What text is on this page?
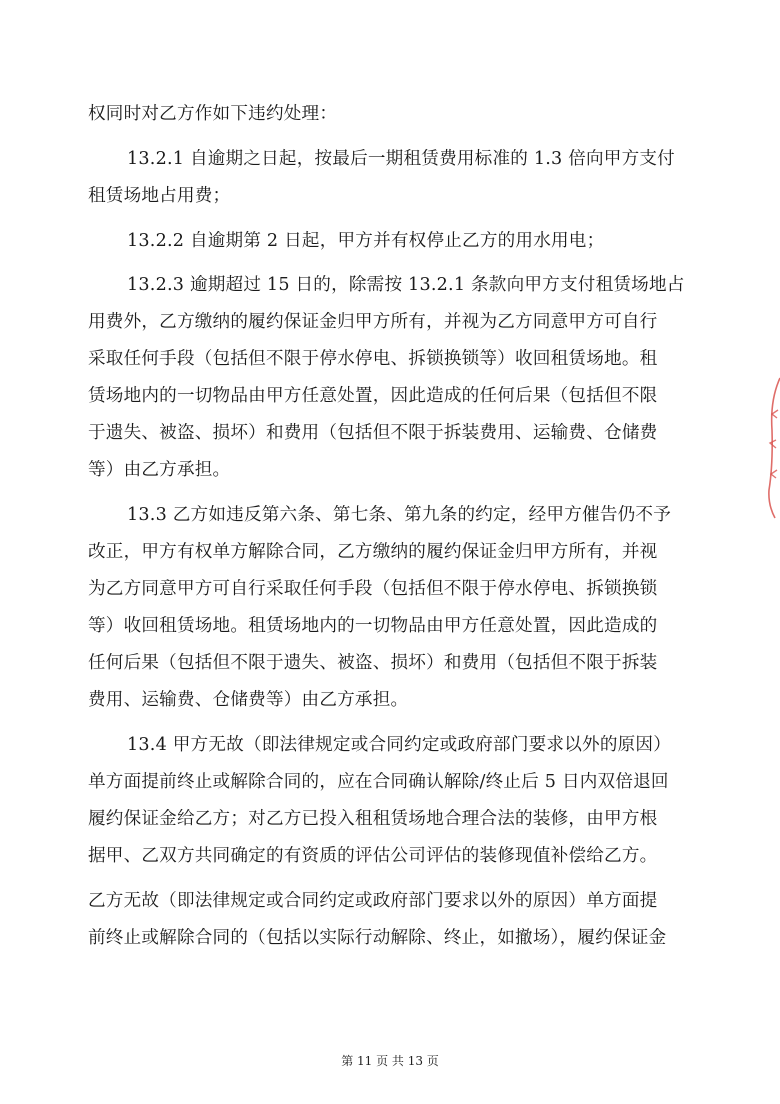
权同时对乙方作如下违约处理：
13.2.1 自逾期之日起，按最后一期租赁费用标准的 1.3 倍向甲方支付
租赁场地占用费；
13.2.2 自逾期第 2 日起，甲方并有权停止乙方的用水用电；
13.2.3 逾期超过 15 日的，除需按 13.2.1 条款向甲方支付租赁场地占
用费外，乙方缴纳的履约保证金归甲方所有，并视为乙方同意甲方可自行
采取任何手段（包括但不限于停水停电、拆锁换锁等）收回租赁场地。租
赁场地内的一切物品由甲方任意处置，因此造成的任何后果（包括但不限
于遗失、被盗、损坏）和费用（包括但不限于拆装费用、运输费、仓储费
等）由乙方承担。
13.3 乙方如违反第六条、第七条、第九条的约定，经甲方催告仍不予
改正，甲方有权单方解除合同，乙方缴纳的履约保证金归甲方所有，并视
为乙方同意甲方可自行采取任何手段（包括但不限于停水停电、拆锁换锁
等）收回租赁场地。租赁场地内的一切物品由甲方任意处置，因此造成的
任何后果（包括但不限于遗失、被盗、损坏）和费用（包括但不限于拆装
费用、运输费、仓储费等）由乙方承担。
13.4 甲方无故（即法律规定或合同约定或政府部门要求以外的原因）
单方面提前终止或解除合同的，应在合同确认解除/终止后 5 日内双倍退回
履约保证金给乙方；对乙方已投入租租赁场地合理合法的装修，由甲方根
据甲、乙双方共同确定的有资质的评估公司评估的装修现值补偿给乙方。
乙方无故（即法律规定或合同约定或政府部门要求以外的原因）单方面提
前终止或解除合同的（包括以实际行动解除、终止，如撤场），履约保证金
第 11 页 共 13 页
